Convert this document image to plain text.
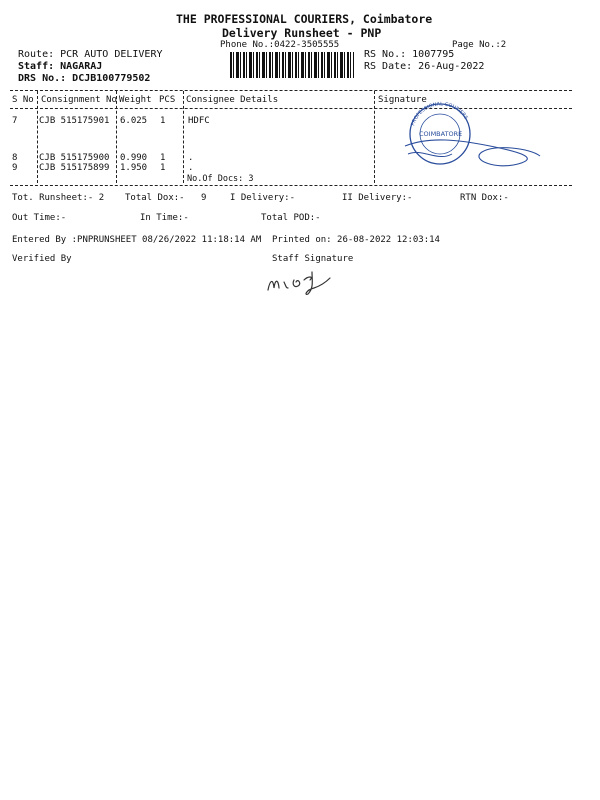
THE PROFESSIONAL COURIERS, Coimbatore
Delivery Runsheet - PNP
Phone No.:0422-3505555	Page No.:2
Route: PCR AUTO DELIVERY
Staff: NAGARAJ
DRS No.: DCJB100779502
RS No.: 1007795
RS Date: 26-Aug-2022
S No Consignment No Weight PCS Consignee Details	Signature
7 CJB 515175901 6.025 1	HDFC
8 CJB 515175900 0.990 1	.
9 CJB 515175899 1.950 1	.
No.Of Docs: 3
COIMBATORE
PROFESSIONAL COURIERS
Tot. Runsheet:- 2 Total Dox:- 9	I Delivery:-	II Delivery:-	RTN Dox:-
Out Time:-	In Time:-	Total POD:-
Entered By :PNPRUNSHEET 08/26/2022 11:18:14 AM Printed on: 26-08-2022 12:03:14
Verified By	Staff Signature
